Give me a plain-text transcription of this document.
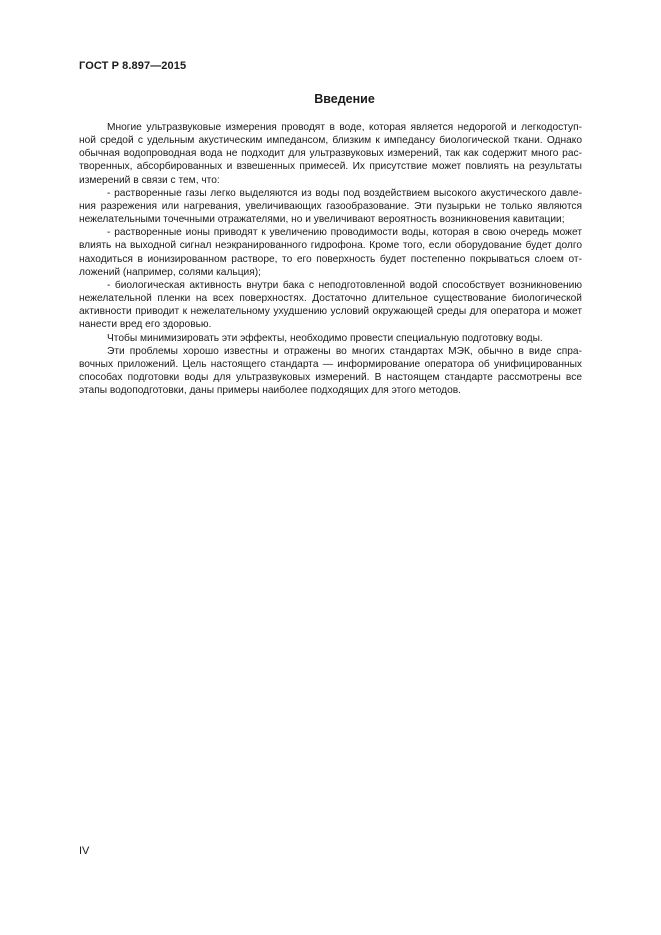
ГОСТ Р 8.897—2015
Введение
Многие ультразвуковые измерения проводят в воде, которая является недорогой и легкодоступ-
ной средой с удельным акустическим импедансом, близким к импедансу биологической ткани. Однако
обычная водопроводная вода не подходит для ультразвуковых измерений, так как содержит много рас-
творенных, абсорбированных и взвешенных примесей. Их присутствие может повлиять на результаты
измерений в связи с тем, что:
- растворенные газы легко выделяются из воды под воздействием высокого акустического давле-
ния разрежения или нагревания, увеличивающих газообразование. Эти пузырьки не только являются
нежелательными точечными отражателями, но и увеличивают вероятность возникновения кавитации;
- растворенные ионы приводят к увеличению проводимости воды, которая в свою очередь может
влиять на выходной сигнал неэкранированного гидрофона. Кроме того, если оборудование будет долго
находиться в ионизированном растворе, то его поверхность будет постепенно покрываться слоем от-
ложений (например, солями кальция);
- биологическая активность внутри бака с неподготовленной водой способствует возникновению
нежелательной пленки на всех поверхностях. Достаточно длительное существование биологической
активности приводит к нежелательному ухудшению условий окружающей среды для оператора и может
нанести вред его здоровью.
Чтобы минимизировать эти эффекты, необходимо провести специальную подготовку воды.
Эти проблемы хорошо известны и отражены во многих стандартах МЭК, обычно в виде спра-
вочных приложений. Цель настоящего стандарта — информирование оператора об унифицированных
способах подготовки воды для ультразвуковых измерений. В настоящем стандарте рассмотрены все
этапы водоподготовки, даны примеры наиболее подходящих для этого методов.
IV
